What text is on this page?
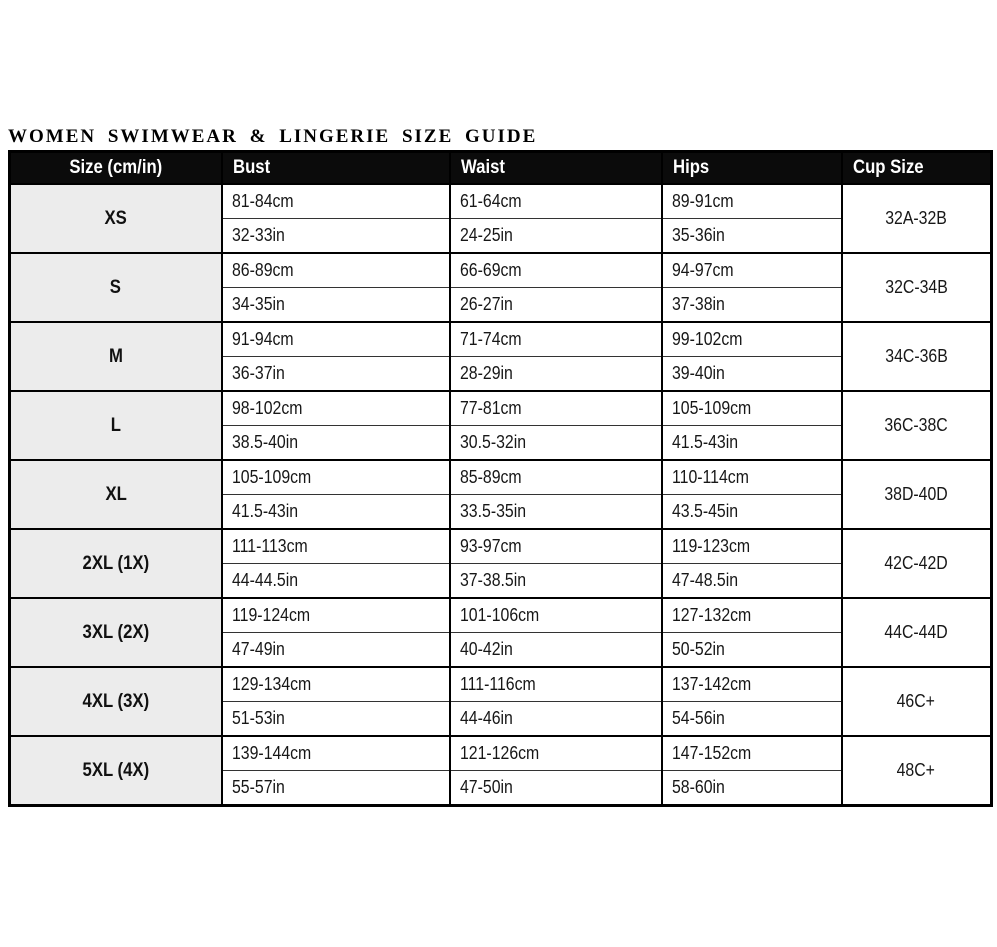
WOMEN SWIMWEAR & LINGERIE SIZE GUIDE
Size (cm/in)	Bust	Waist	Hips	Cup Size
XS	81-84cm	61-64cm	89-91cm	32A-32B
	32-33in	24-25in	35-36in	
S	86-89cm	66-69cm	94-97cm	32C-34B
	34-35in	26-27in	37-38in	
M	91-94cm	71-74cm	99-102cm	34C-36B
	36-37in	28-29in	39-40in	
L	98-102cm	77-81cm	105-109cm	36C-38C
	38.5-40in	30.5-32in	41.5-43in	
XL	105-109cm	85-89cm	110-114cm	38D-40D
	41.5-43in	33.5-35in	43.5-45in	
2XL (1X)	111-113cm	93-97cm	119-123cm	42C-42D
	44-44.5in	37-38.5in	47-48.5in	
3XL (2X)	119-124cm	101-106cm	127-132cm	44C-44D
	47-49in	40-42in	50-52in	
4XL (3X)	129-134cm	111-116cm	137-142cm	46C+
	51-53in	44-46in	54-56in	
5XL (4X)	139-144cm	121-126cm	147-152cm	48C+
	55-57in	47-50in	58-60in	
